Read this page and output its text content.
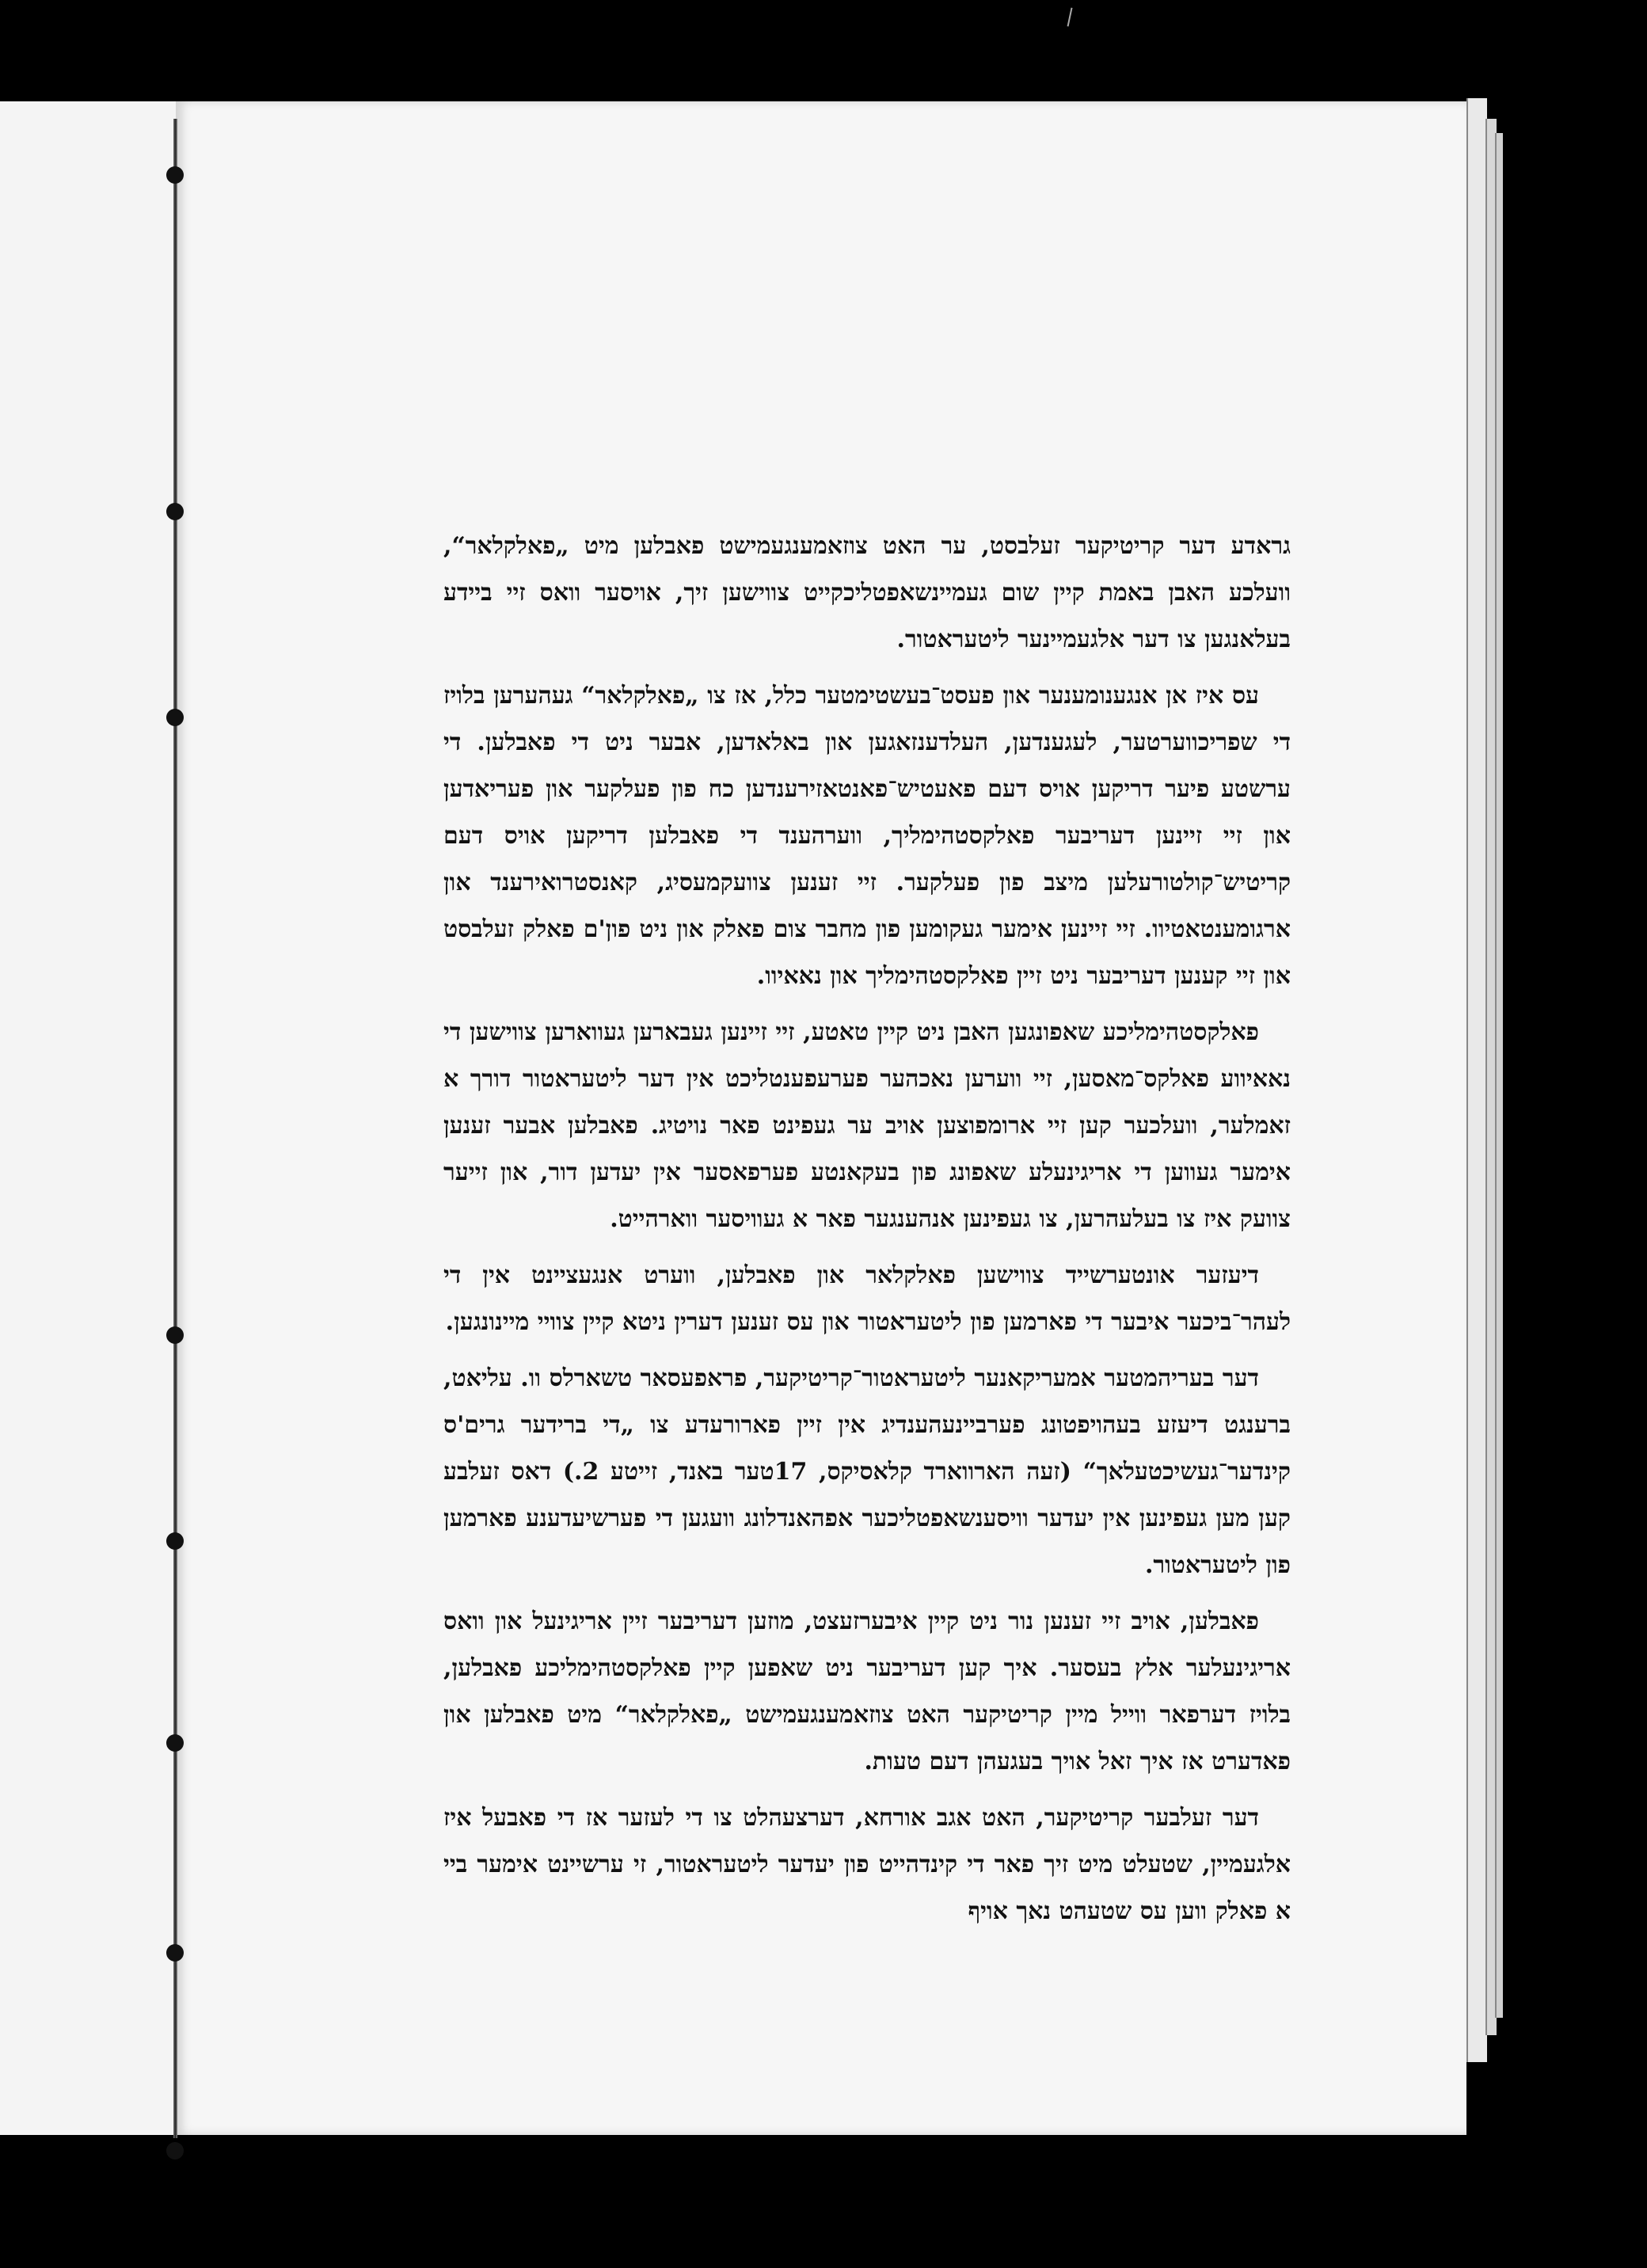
גראדע דער קריטיקער זעלבסט, ער האט צוזאמענגעמישט פאבלען מיט „פאלקלאר“, וועלכע האבן באמת קיין שום געמיינשאפטליכקייט צווישען זיך, אויסער וואס זיי ביידע בעלאנגען צו דער אלגעמיינער ליטעראטור.

עס איז אן אנגענומענער און פעסט־בעשטימטער כלל, אז צו „פאלקלאר“ געהערען בלויז די שפריכווערטער, לעגענדען, העלדענזאגען און באלאדען, אבער ניט די פאבלען. די ערשטע פיער דריקען אויס דעם פאעטיש־פאנטאזירענדען כח פון פעלקער און פעריאדען און זיי זיינען דעריבער פאלקסטהימליך, ווערהענד די פאבלען דריקען אויס דעם קריטיש־קולטורעלען מיצב פון פעלקער. זיי זענען צוועקמעסיג, קאנסטרואירענד און ארגומענטאטיוו. זיי זיינען אימער געקומען פון מחבר צום פאלק און ניט פון'ם פאלק זעלבסט און זיי קענען דעריבער ניט זיין פאלקסטהימליך און נאאיוו.

פאלקסטהימליכע שאפונגען האבן ניט קיין טאטע, זיי זיינען געבארען געווארען צווישען די נאאיווע פאלקס־מאסען, זיי ווערען נאכהער פערעפענטליכט אין דער ליטעראטור דורך א זאמלער, וועלכער קען זיי ארומפוצען אויב ער געפינט פאר נויטיג. פאבלען אבער זענען אימער געווען די אריגינעלע שאפונג פון בעקאנטע פערפאסער אין יעדען דור, און זייער צוועק איז צו בעלעהרען, צו געפינען אנהענגער פאר א געוויסער ווארהייט.

דיעזער אונטערשייד צווישען פאלקלאר און פאבלען, ווערט אנגעציינט אין די לעהר־ביכער איבער די פארמען פון ליטעראטור און עס זענען דערין ניטא קיין צוויי מיינונגען.

דער בעריהמטער אמעריקאנער ליטעראטור־קריטיקער, פראפעסאר טשארלס וו. עליאט, ברענגט דיעזע בעהויפטונג פערביינעהענדיג אין זיין פארורעדע צו „די ברידער גרים'ס קינדער־געשיכטעלאך“ (זעה הארווארד קלאסיקס, 17טער באנד, זייטע 2.) דאס זעלבע קען מען געפינען אין יעדער וויסענשאפטליכער אפהאנדלונג וועגען די פערשיעדענע פארמען פון ליטעראטור.

פאבלען, אויב זיי זענען נור ניט קיין איבערזעצט, מוזען דעריבער זיין אריגינעל און וואס אריגינעלער אלץ בעסער. איך קען דעריבער ניט שאפען קיין פאלקסטהימליכע פאבלען, בלויז דערפאר ווייל מיין קריטיקער האט צוזאמענגעמישט „פאלקלאר“ מיט פאבלען און פאדערט אז איך זאל אויך בעגעהן דעם טעות.

דער זעלבער קריטיקער, האט אגב אורחא, דערצעהלט צו די לעזער אז די פאבעל איז אלגעמיין, שטעלט מיט זיך פאר די קינדהייט פון יעדער ליטעראטור, זי ערשיינט אימער ביי א פאלק ווען עס שטעהט נאך אויף
